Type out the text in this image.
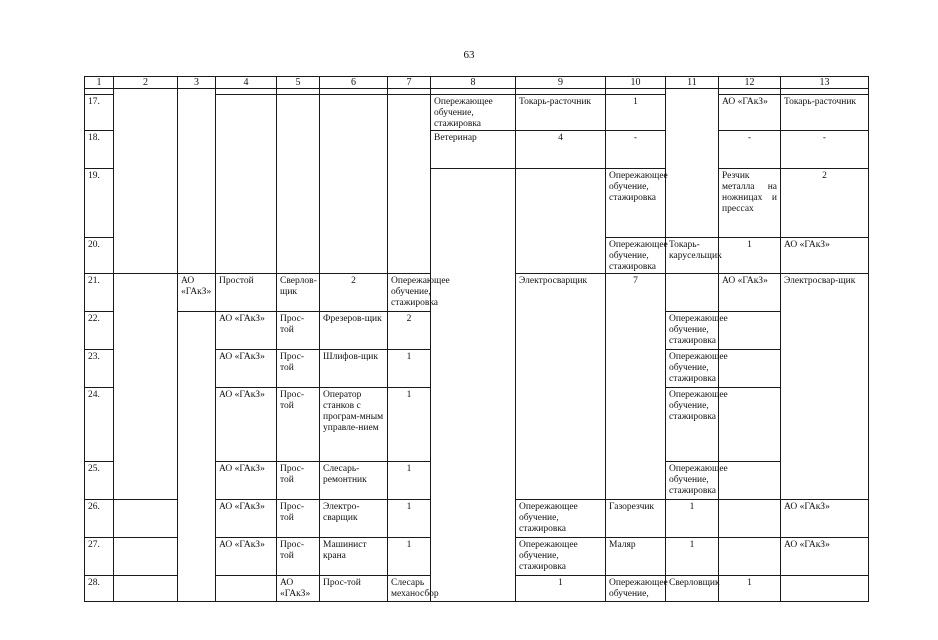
63
1	2	3	4	5	6	7	8	9	10	11	12	13	

17.							Опережающее обучение, стажировка	Токарь-расточник	1		АО «ГАкЗ»	Токарь-расточник	
18.							Ветеринар	4	-		-	-						
19.									Опережающее обучение, стажировка		Резчик металла на ножницах и прессах	2		
20.									Опережающее обучение, стажировка	Токарь-карусельщик	1	АО «ГАкЗ»	
21.		АО «ГАкЗ»	Простой	Сверлов-щик	2	Опережающее обучение, стажировка		Электросварщик	7		АО «ГАкЗ»	Электросвар-щик	
22.			АО «ГАкЗ»	Прос-той	Фрезеров-щик	2				Опережающее обучение, стажировка		
23.			АО «ГАкЗ»	Прос-той	Шлифов-щик	1				Опережающее обучение, стажировка		
24.			АО «ГАкЗ»	Прос-той	Оператор станков с програм-мным управле-нием	1				Опережающее обучение, стажировка		
25.			АО «ГАкЗ»	Прос-той	Слесарь-ремонтник	1				Опережающее обучение, стажировка		
26.			АО «ГАкЗ»	Прос-той	Электро-сварщик	1		Опережающее обучение, стажировка	Газорезчик	1		АО «ГАкЗ»	
27.			АО «ГАкЗ»	Прос-той	Машинист крана	1		Опережающее обучение, стажировка	Маляр	1		АО «ГАкЗ»	
28.				АО «ГАкЗ»	Прос-той	Слесарь механосбор		1	Опережающее обучение,	Сверловщик	1			
